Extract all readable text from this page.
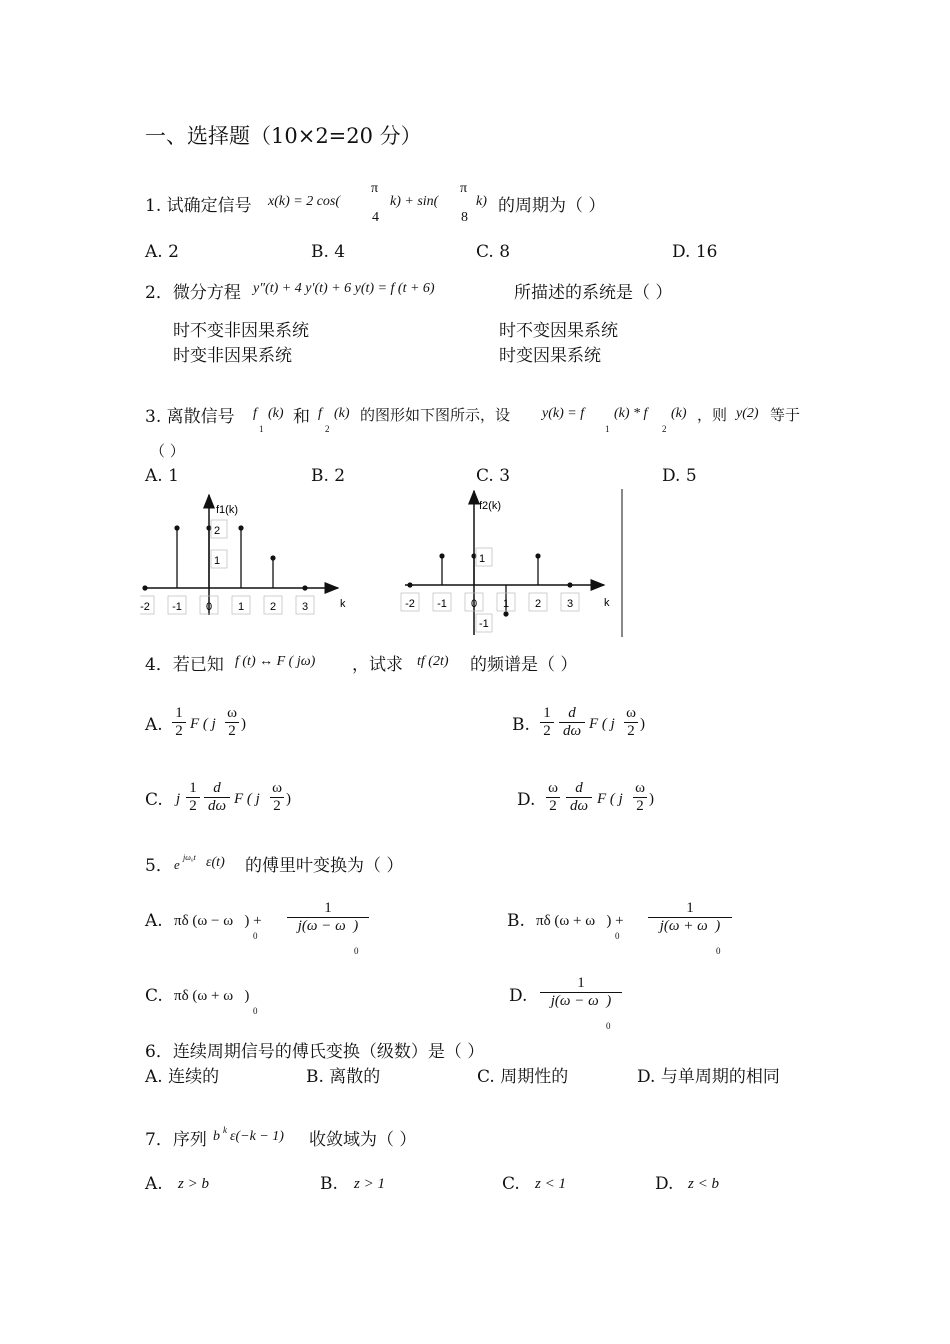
一、选择题（10×2=20 分）
1. 试确定信号 x(k) = 2 cos(
π
4
k) + sin(
π
8
k) 的周期为（ ）
A. 2	B. 4	C. 8	D. 16
2．微分方程 y″(t) + 4 y′(t) + 6 y(t) = f (t + 6)	所描述的系统是（ ）
时不变非因果系统	时不变因果系统
时变非因果系统	时变因果系统
3. 离散信号 f
1
(k) 和 f
2
(k) 的图形如下图所示，设 y(k) = f
1
(k) * f
2
(k) ，则 y(2) 等于
（ ）
A. 1	B. 2	C. 3	D. 5
f1(k)
k
-2 -1 0 1 2 3
2
1
f2(k)
k
-2 -1 0 1 2 3
1
-1
4．若已知 f (t) ↔ F ( jω) ，试求 tf (2t) 的频谱是（ ）
A. $\frac{1}{2}$ F ( j $\frac{\omega}{2}$ )	B. $\frac{1}{2} \frac{d}{d\omega}$ F ( j $\frac{\omega}{2}$ )
C. j $\frac{1}{2} \frac{d}{d\omega}$ F ( j $\frac{\omega}{2}$ )	D. $\frac{\omega}{2} \frac{d}{d\omega}$ F ( j $\frac{\omega}{2}$ )
5． e jω₀t ε(t) 的傅里叶变换为（ ）
A. πδ (ω − ω   ) +
0
$\frac{1}{j(\omega - \omega )}$
0
B. πδ (ω + ω   ) +
0
$\frac{1}{j(\omega + \omega )}$
0
C. πδ (ω + ω   )
0
D. $\frac{1}{j(\omega - \omega )}$
0
6．连续周期信号的傅氏变换（级数）是（ ）
A. 连续的	B. 离散的	C. 周期性的	D. 与单周期的相同
7．序列 b k ε(−k − 1) 收敛域为（ ）
A. z > b	B. z > 1	C. z < 1	D. z < b
